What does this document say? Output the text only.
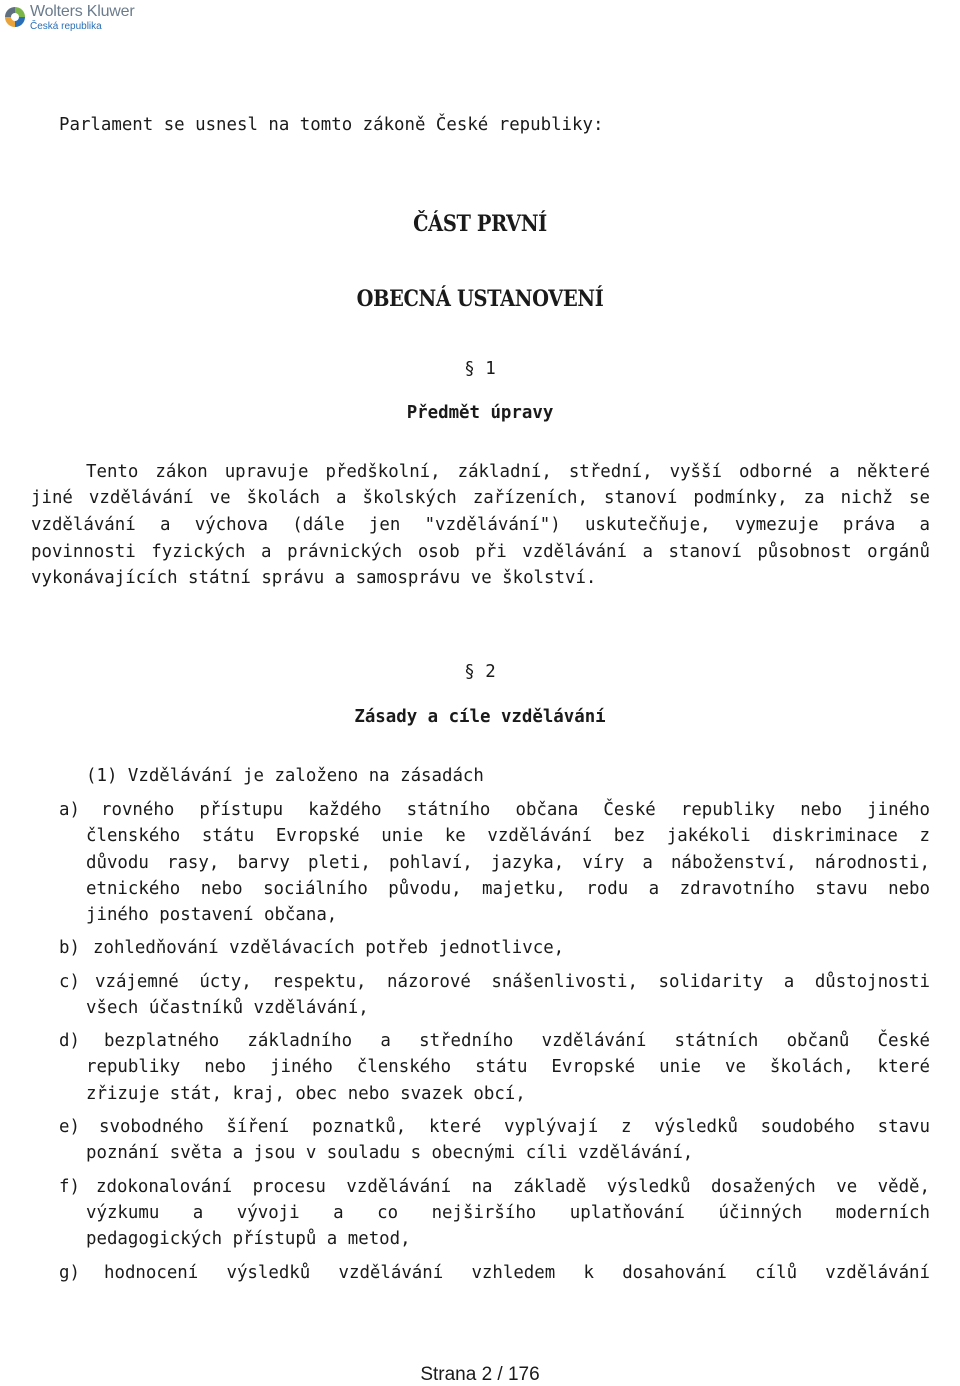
Wolters Kluwer
Česká republika
Parlament se usnesl na tomto zákoně České republiky:
ČÁST PRVNÍ
OBECNÁ USTANOVENÍ
§ 1
Předmět úpravy
Tento zákon upravuje předškolní, základní, střední, vyšší odborné a některé
jiné vzdělávání ve školách a školských zařízeních, stanoví podmínky, za nichž se
vzdělávání a výchova (dále jen "vzdělávání") uskutečňuje, vymezuje práva a
povinnosti fyzických a právnických osob při vzdělávání a stanoví působnost orgánů
vykonávajících státní správu a samosprávu ve školství.
§ 2
Zásady a cíle vzdělávání
(1) Vzdělávání je založeno na zásadách
a) rovného přístupu každého státního občana České republiky nebo jiného
členského státu Evropské unie ke vzdělávání bez jakékoli diskriminace z
důvodu rasy, barvy pleti, pohlaví, jazyka, víry a náboženství, národnosti,
etnického nebo sociálního původu, majetku, rodu a zdravotního stavu nebo
jiného postavení občana,
b) zohledňování vzdělávacích potřeb jednotlivce,
c) vzájemné úcty, respektu, názorové snášenlivosti, solidarity a důstojnosti
všech účastníků vzdělávání,
d) bezplatného základního a středního vzdělávání státních občanů České
republiky nebo jiného členského státu Evropské unie ve školách, které
zřizuje stát, kraj, obec nebo svazek obcí,
e) svobodného šíření poznatků, které vyplývají z výsledků soudobého stavu
poznání světa a jsou v souladu s obecnými cíli vzdělávání,
f) zdokonalování procesu vzdělávání na základě výsledků dosažených ve vědě,
výzkumu a vývoji a co nejširšího uplatňování účinných moderních
pedagogických přístupů a metod,
g) hodnocení výsledků vzdělávání vzhledem k dosahování cílů vzdělávání
Strana 2 / 176
